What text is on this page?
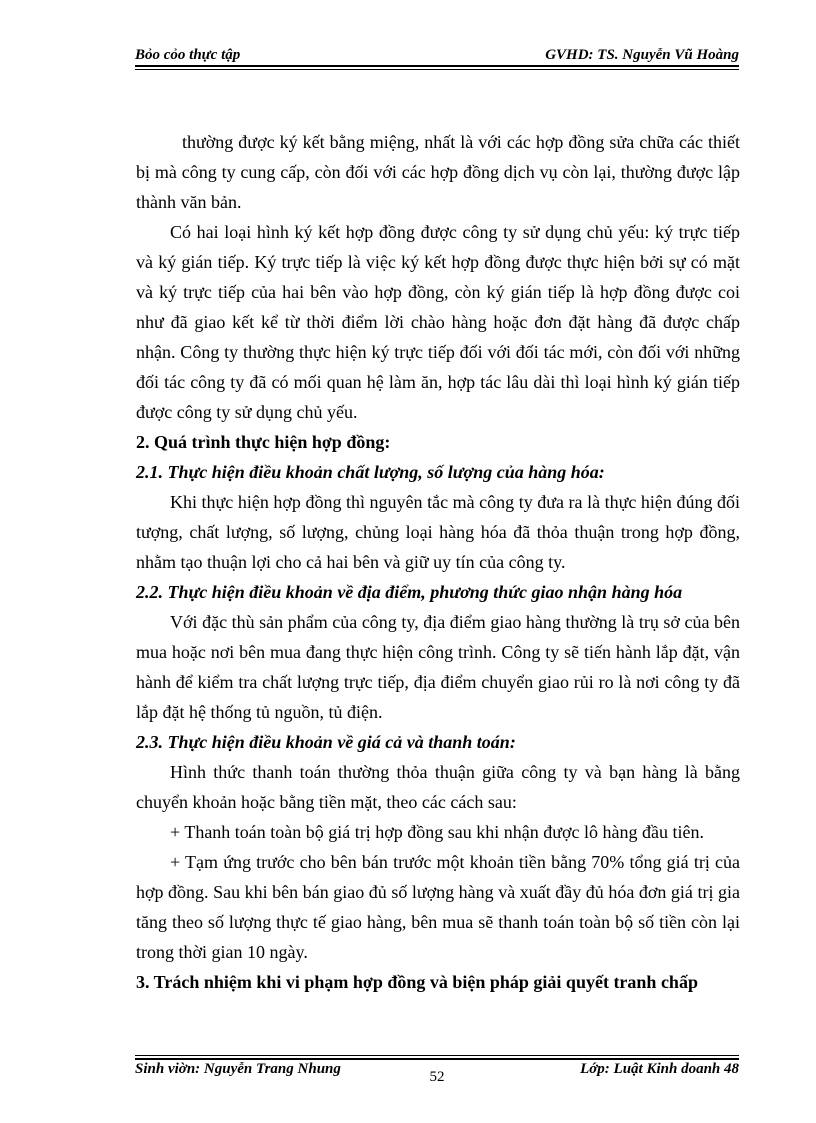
Bỏo cỏo thực tập	GVHD: TS. Nguyễn Vũ Hoàng

thường được ký kết bằng miệng, nhất là với các hợp đồng sửa chữa các thiết bị mà công ty cung cấp, còn đối với các hợp đồng dịch vụ còn lại, thường được lập thành văn bản.

Có hai loại hình ký kết hợp đồng được công ty sử dụng chủ yếu: ký trực tiếp và ký gián tiếp. Ký trực tiếp là việc ký kết hợp đồng được thực hiện bởi sự có mặt và ký trực tiếp của hai bên vào hợp đồng, còn ký gián tiếp là hợp đồng được coi như đã giao kết kể từ thời điểm lời chào hàng hoặc đơn đặt hàng đã được chấp nhận. Công ty thường thực hiện ký trực tiếp đối với đối tác mới, còn đối với những đối tác công ty đã có mối quan hệ làm ăn, hợp tác lâu dài thì loại hình ký gián tiếp được công ty sử dụng chủ yếu.

2. Quá trình thực hiện hợp đồng:

2.1. Thực hiện điều khoản chất lượng, số lượng của hàng hóa:

Khi thực hiện hợp đồng thì nguyên tắc mà công ty đưa ra là thực hiện đúng đối tượng, chất lượng, số lượng, chủng loại hàng hóa đã thỏa thuận trong hợp đồng, nhằm tạo thuận lợi cho cả hai bên và giữ uy tín của công ty.

2.2. Thực hiện điều khoản về địa điểm, phương thức giao nhận hàng hóa

Với đặc thù sản phẩm của công ty, địa điểm giao hàng thường là trụ sở của bên mua hoặc nơi bên mua đang thực hiện công trình. Công ty sẽ tiến hành lắp đặt, vận hành để kiểm tra chất lượng trực tiếp, địa điểm chuyển giao rủi ro là nơi công ty đã lắp đặt hệ thống tủ nguồn, tủ điện.

2.3. Thực hiện điều khoản về giá cả và thanh toán:

Hình thức thanh toán thường thỏa thuận giữa công ty và bạn hàng là bằng chuyển khoản hoặc bằng tiền mặt, theo các cách sau:

+ Thanh toán toàn bộ giá trị hợp đồng sau khi nhận được lô hàng đầu tiên.

+ Tạm ứng trước cho bên bán trước một khoản tiền bằng 70% tổng giá trị của hợp đồng. Sau khi bên bán giao đủ số lượng hàng và xuất đầy đủ hóa đơn giá trị gia tăng theo số lượng thực tế giao hàng, bên mua sẽ thanh toán toàn bộ số tiền còn lại trong thời gian 10 ngày.

3. Trách nhiệm khi vi phạm hợp đồng và biện pháp giải quyết tranh chấp

Sinh viờn: Nguyễn Trang Nhung	52	Lớp: Luật Kinh doanh 48
